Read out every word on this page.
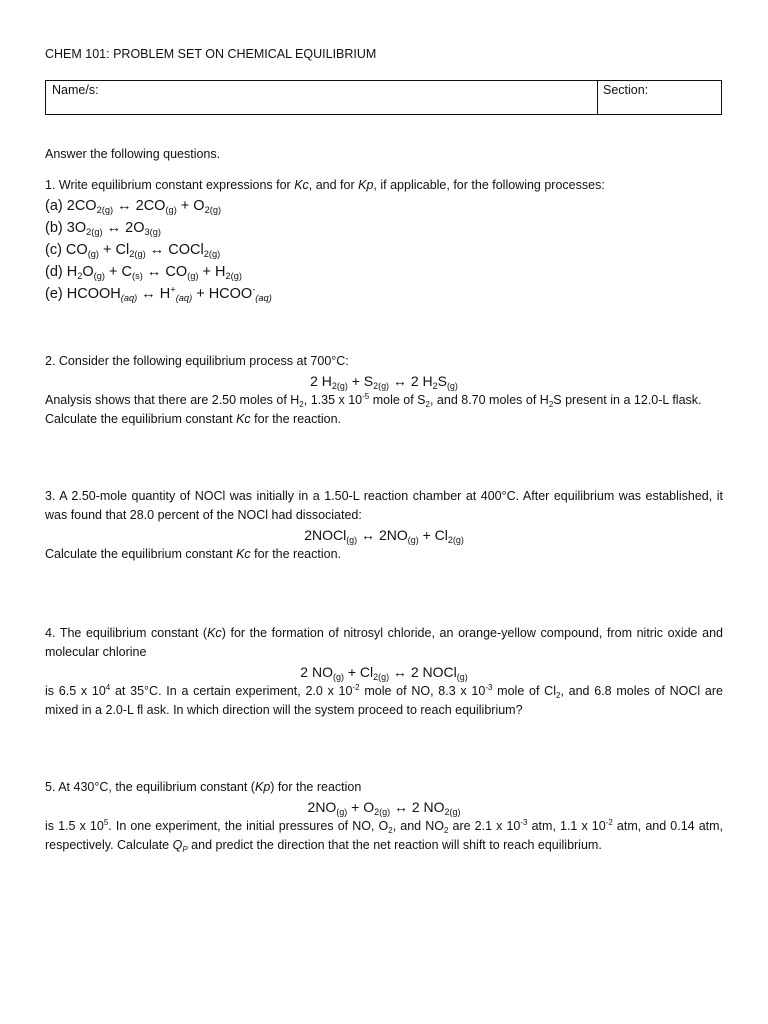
CHEM 101: PROBLEM SET ON CHEMICAL EQUILIBRIUM
Name/s:	Section:
Answer the following questions.
1. Write equilibrium constant expressions for Kc, and for Kp, if applicable, for the following processes:
(a) $2CO_{2(g)}$ ↔ $2CO_{(g)} + O_{2(g)}$
(b) $3O_{2(g)}$ ↔ $2O_{3(g)}$
(c) $CO_{(g)} + Cl_{2(g)}$ ↔ COCl$_{2(g)}$
(d) $H_2O_{(g)} + C_{(s)}$ ↔ $CO_{(g)} + H_{2(g)}$
(e) $HCOOH_{(aq)}$ ↔ $H^+_{(aq)}$ + $HCOO^-_{(aq)}$
2. Consider the following equilibrium process at 700°C:
2 $H_{2(g)} + S_{2(g)}$ ↔ 2 $H_2S_{(g)}$
Analysis shows that there are 2.50 moles of $H_2$, 1.35 x $10^{-5}$ mole of $S_2$, and 8.70 moles of $H_2S$ present in a 12.0-L flask. Calculate the equilibrium constant Kc for the reaction.
3. A 2.50-mole quantity of NOCl was initially in a 1.50-L reaction chamber at 400°C. After equilibrium was established, it was found that 28.0 percent of the NOCl had dissociated:
2NOCl$_{(g)}$ ↔ $2NO_{(g)} + Cl_{2(g)}$
Calculate the equilibrium constant Kc for the reaction.
4. The equilibrium constant (Kc) for the formation of nitrosyl chloride, an orange-yellow compound, from nitric oxide and molecular chlorine
2 $NO_{(g)} + Cl_{2(g)}$ ↔ 2 NOCl$_{(g)}$
is 6.5 x $10^4$ at 35°C. In a certain experiment, 2.0 x $10^{-2}$ mole of NO, 8.3 x $10^{-3}$ mole of $Cl_2$, and 6.8 moles of NOCl are mixed in a 2.0-L fl ask. In which direction will the system proceed to reach equilibrium?
5. At 430°C, the equilibrium constant (Kp) for the reaction
$2NO_{(g)} + O_{2(g)}$ ↔ 2 $NO_{2(g)}$
is 1.5 x $10^5$. In one experiment, the initial pressures of NO, $O_2$, and $NO_2$ are 2.1 x $10^{-3}$ atm, 1.1 x $10^{-2}$ atm, and 0.14 atm, respectively. Calculate $Q_P$ and predict the direction that the net reaction will shift to reach equilibrium.
